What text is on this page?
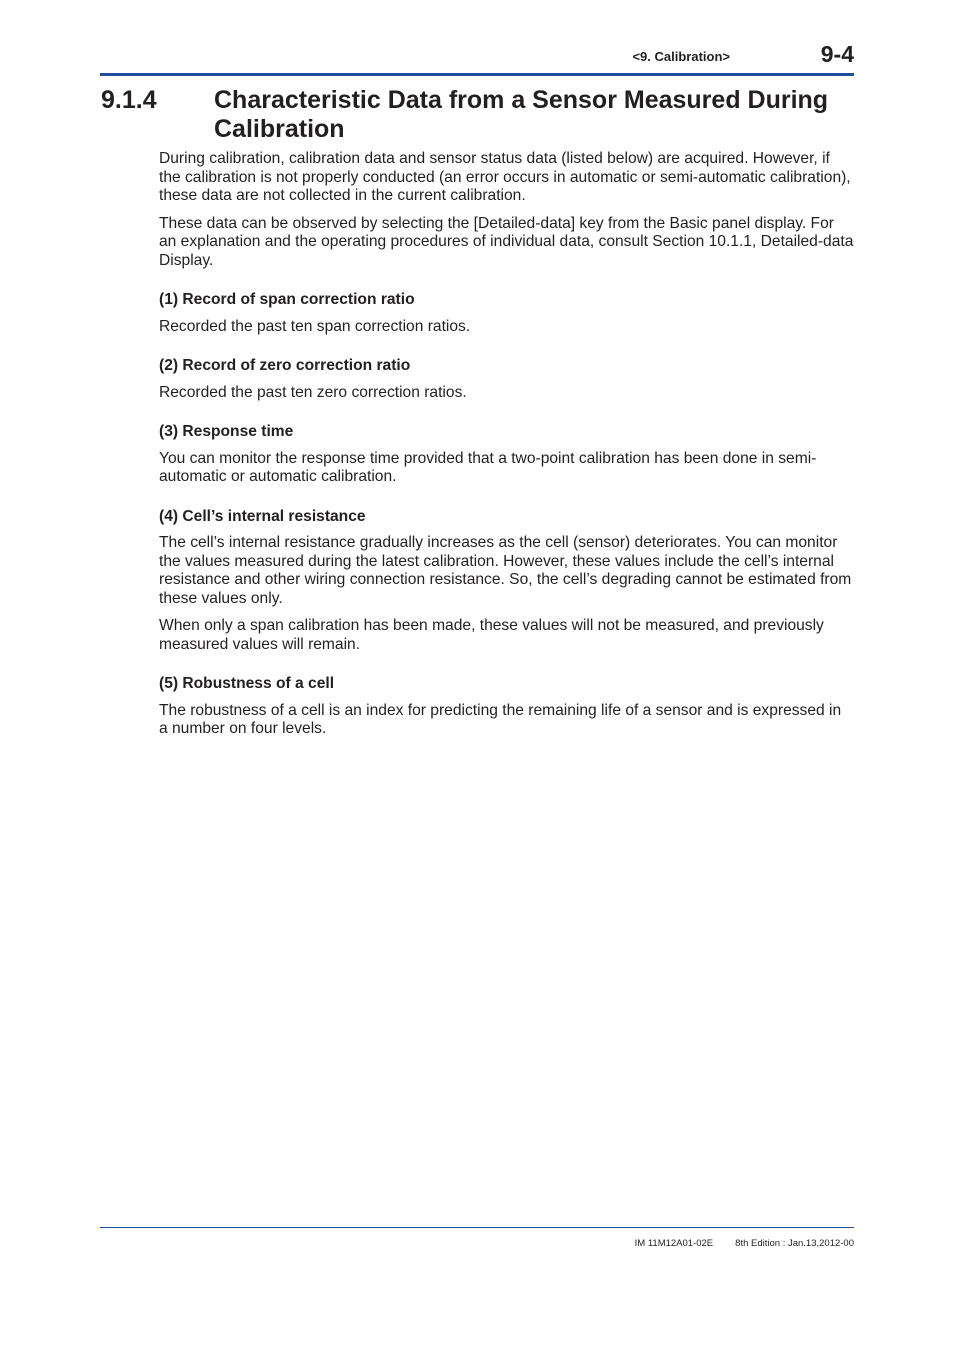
<9. Calibration>	9-4
9.1.4 Characteristic Data from a Sensor Measured During Calibration

During calibration, calibration data and sensor status data (listed below) are acquired. However, if the calibration is not properly conducted (an error occurs in automatic or semi-automatic calibration), these data are not collected in the current calibration.

These data can be observed by selecting the [Detailed-data] key from the Basic panel display. For an explanation and the operating procedures of individual data, consult Section 10.1.1, Detailed-data Display.

(1) Record of span correction ratio

Recorded the past ten span correction ratios.

(2) Record of zero correction ratio

Recorded the past ten zero correction ratios.

(3) Response time

You can monitor the response time provided that a two-point calibration has been done in semi-automatic or automatic calibration.

(4) Cell’s internal resistance

The cell’s internal resistance gradually increases as the cell (sensor) deteriorates. You can monitor the values measured during the latest calibration. However, these values include the cell’s internal resistance and other wiring connection resistance. So, the cell’s degrading cannot be estimated from these values only.

When only a span calibration has been made, these values will not be measured, and previously measured values will remain.

(5) Robustness of a cell

The robustness of a cell is an index for predicting the remaining life of a sensor and is expressed in a number on four levels.

IM 11M12A01-02E 8th Edition : Jan.13,2012-00
